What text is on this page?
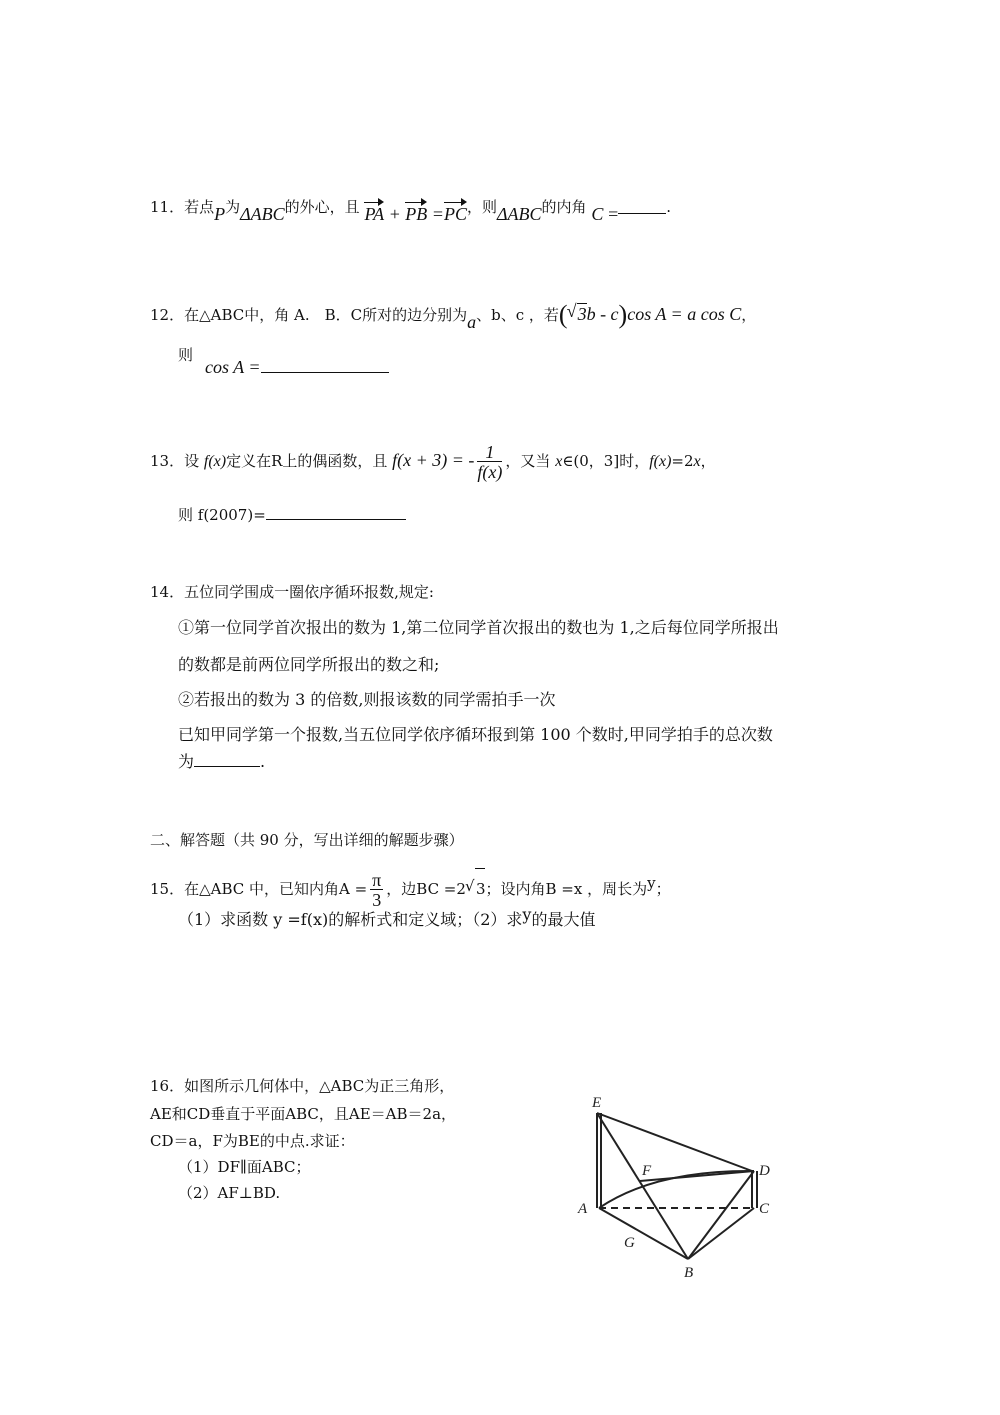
11．若点P为ΔABC的外心，且 PA + PB =PC，则ΔABC的内角 C =	.
12．在△ABC中，角 A.　B．C所对的边分别为a、b、c ，若( √ 3b - c)cos A = a cos C，
则
cos A =
13．设 f(x)定义在R上的偶函数，且 f(x + 3) = - $\frac{1}{f(x)}$ ，又当 x∈(0，3]时，f(x)=2x，
则 f(2007)=
14．五位同学围成一圈依序循环报数,规定:
①第一位同学首次报出的数为 1,第二位同学首次报出的数也为 1,之后每位同学所报出
的数都是前两位同学所报出的数之和;
②若报出的数为 3 的倍数,则报该数的同学需拍手一次
已知甲同学第一个报数,当五位同学依序循环报到第 100 个数时,甲同学拍手的总次数
为	.
二、解答题（共 90 分，写出详细的解题步骤）
15．在△ABC 中，已知内角$A = \frac{\pi}{3}$ ，边BC =2 √ 3；设内角B =x ，周长为y；
（1）求函数 y =f(x)的解析式和定义域；（2）求y的最大值
16．如图所示几何体中，△ABC为正三角形，
AE和CD垂直于平面ABC，且AE＝AB＝2a，
CD＝a，F为BE的中点.求证：
（1）DF∥面ABC；
（2）AF⊥BD.
E
D
F
A	C
G
B
